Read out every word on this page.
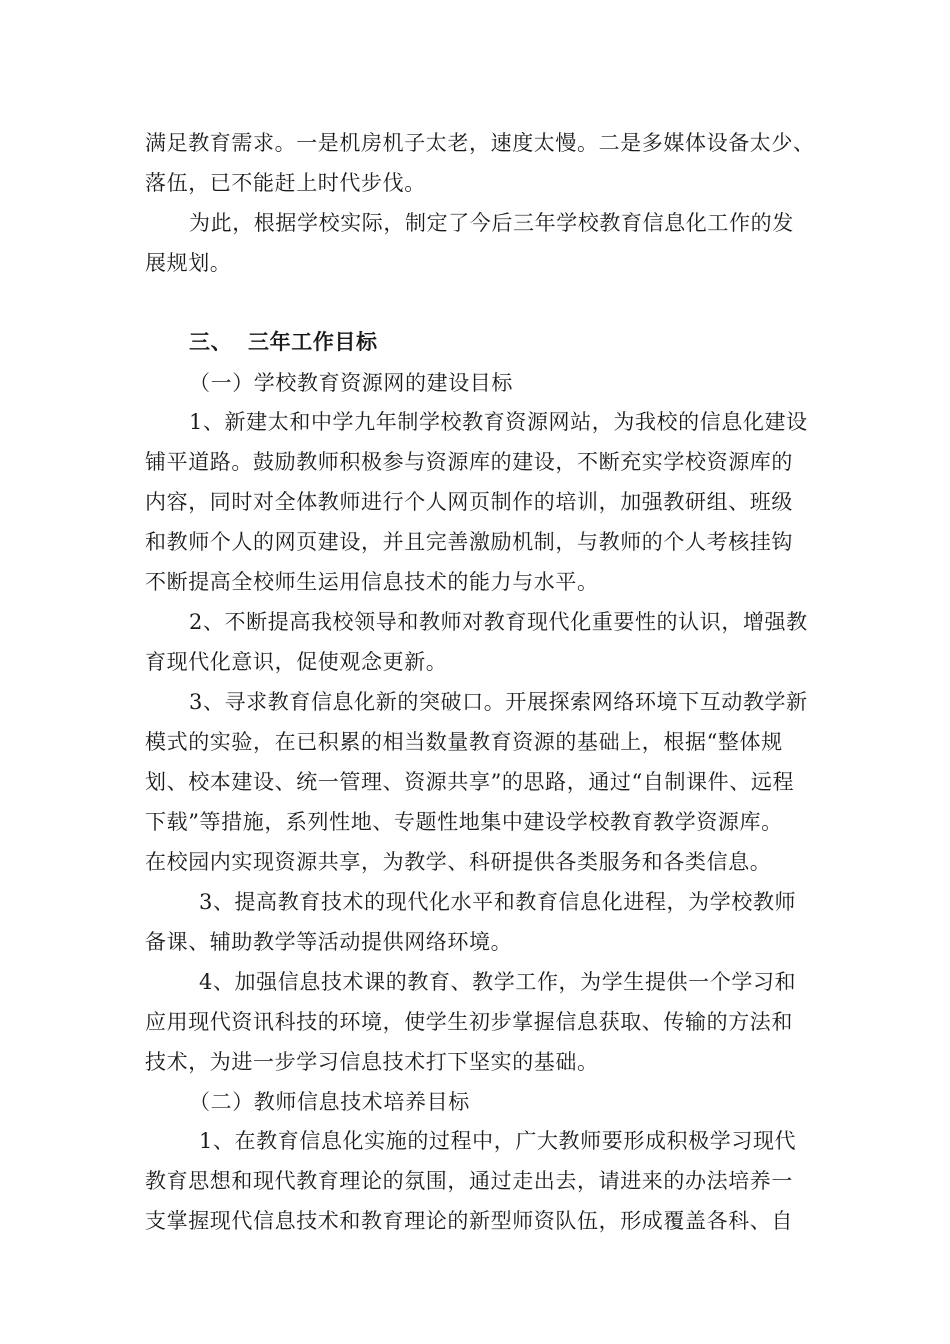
满足教育需求。一是机房机子太老，速度太慢。二是多媒体设备太少、
落伍，已不能赶上时代步伐。
为此，根据学校实际，制定了今后三年学校教育信息化工作的发
展规划。
三、  三年工作目标
（一）学校教育资源网的建设目标
1、新建太和中学九年制学校教育资源网站，为我校的信息化建设
铺平道路。鼓励教师积极参与资源库的建设，不断充实学校资源库的
内容，同时对全体教师进行个人网页制作的培训，加强教研组、班级
和教师个人的网页建设，并且完善激励机制，与教师的个人考核挂钩
不断提高全校师生运用信息技术的能力与水平。
2、不断提高我校领导和教师对教育现代化重要性的认识，增强教
育现代化意识，促使观念更新。
3、寻求教育信息化新的突破口。开展探索网络环境下互动教学新
模式的实验，在已积累的相当数量教育资源的基础上，根据“整体规
划、校本建设、统一管理、资源共享”的思路，通过“自制课件、远程
下载”等措施，系列性地、专题性地集中建设学校教育教学资源库。
在校园内实现资源共享，为教学、科研提供各类服务和各类信息。
3、提高教育技术的现代化水平和教育信息化进程，为学校教师
备课、辅助教学等活动提供网络环境。
4、加强信息技术课的教育、教学工作，为学生提供一个学习和
应用现代资讯科技的环境，使学生初步掌握信息获取、传输的方法和
技术，为进一步学习信息技术打下坚实的基础。
（二）教师信息技术培养目标
1、在教育信息化实施的过程中，广大教师要形成积极学习现代
教育思想和现代教育理论的氛围，通过走出去，请进来的办法培养一
支掌握现代信息技术和教育理论的新型师资队伍，形成覆盖各科、自
